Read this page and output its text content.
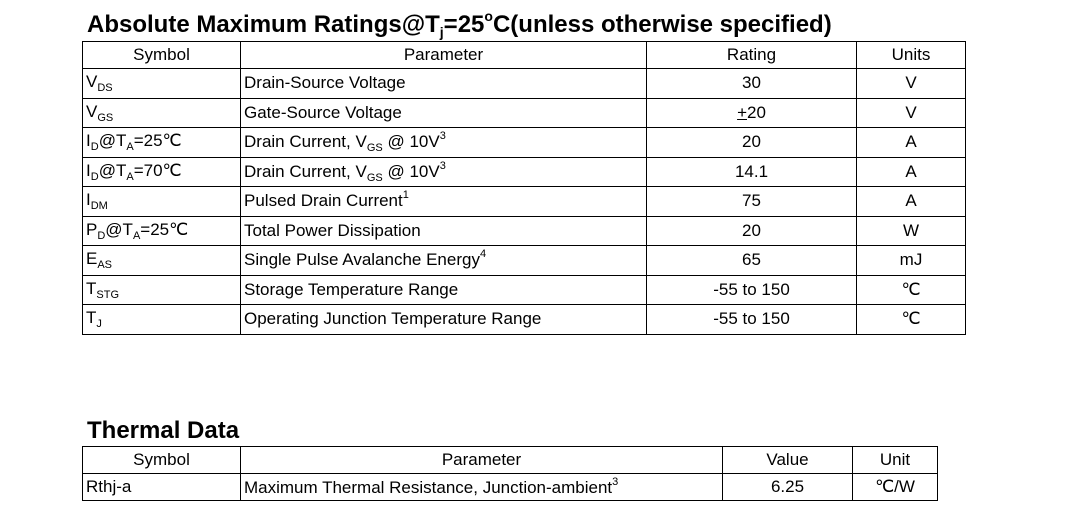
Absolute Maximum $Ratings@T_j=25^oC(unless$ otherwise specified)
Symbol	Parameter	Rating	Units
$V_{DS}$	Drain-Source Voltage	30	V
$V_{GS}$	Gate-Source Voltage	+20	V
$I_D@T_A=25℃$	Drain Current, $V_{GS}$ @ $10V^3$	20	A
$I_D@T_A=70℃$	Drain Current, $V_{GS}$ @ $10V^3$	14.1	A
$I_{DM}$	Pulsed Drain Current$^1$	75	A
$P_D@T_A=25℃$	Total Power Dissipation	20	W
$E_{AS}$	Single Pulse Avalanche Energy$^4$	65	mJ
$T_{STG}$	Storage Temperature Range	-55 to 150	℃
$T_J$	Operating Junction Temperature Range	-55 to 150	℃
Thermal Data
Symbol	Parameter	Value	Unit
Rthj-a	Maximum Thermal Resistance, Junction-ambient$^3$	6.25	℃/W
